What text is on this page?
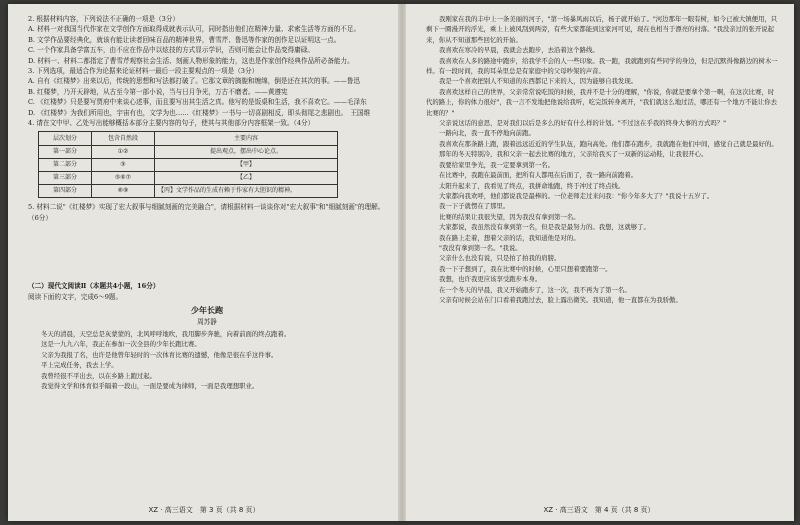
2. 根据材料内容，下列说法不正确的一项是（3分）

A. 材料一对我国当代作家在文学创作方面取得成就表示认可，同时指出他们在精神力量、求索生活等方面的不足。

B. 文学作品要经典化，就该有能让读者回味百品的精神世界，曹雪芹、鲁迅等作家的创作足以证明这一点。

C. 一个作家具备学富五车，由不应在作品中以炫技的方式显示学识，否则可能会让作品变得庸碌。

D. 材料一、材料二都指定了曹雪芹观察社会生活、刻画人物形象的能力，这也是作家创作经典作品所必备能力。

3. 下列选项，最适合作为论据来论证材料一最后一段主要观点的一项是（3分）

A. 自有《红楼梦》出来以后，传统的思想和写法都打破了。它那文章的旖旎和缠绵，倒是还在其次的事。——鲁迅

B. 红楼梦，乃开天辟地，从古至今第一部小说，当与日月争光，万古不磨者。——黄遵宪

C. 《红楼梦》只是要写贾府中来谈心述事，而且要写出其生活之真。他写的是饭桌和生活，我不喜欢它。——毛泽东

D. 《红楼梦》为我们所用也，宇宙有也，文学为也……《红楼梦》一书与一切喜剧相反，即头彻尾之悲剧也。　王国维

4. 请在文中甲、乙处写出能够概括本部分主要内容的句子，使其与其他部分内容框架一致。（4分）

层次划分	包含自然段	主要内容
第一部分	①②	提出观点，摆出中心论点。
第二部分	③	【甲】
第三部分	⑤⑥⑦	【乙】
第四部分	⑧⑨	【丙】文学作品的生成有赖于作家有大胆识的精神。

5. 材料二说"《红楼梦》实现了宏大叙事与细腻刻画的完美融合"，请根据材料一谈谈你对"宏大叙事"和"细腻刻画"的理解。（6分）

（二）现代文阅读Ⅱ（本题共4小题，16分）

阅读下面的文字，完成6～9题。

少年长跑

周苏静

冬天的清晨，天空总是灰蒙蒙的，北风呼呼地吹，我用脚步奔驰，向着前面的终点跑着。

这是一九九六年，我正在参加一次全县的少年长跑比赛。

父亲为我报了名，也许是他曾年轻时的一次体育比赛的遗憾，他像是很在乎这件事。

平上完成任务，我去上学。

我曾经很不平出去，以在乡路上跑过起。

我觉得文学和体育似乎隔着一段山，一面是要成为律师，一面是我理想职业。

XZ · 高三语文　第 3 页（共 8 页）

我刚家在我的丰中上一条美丽的河子，"第一场暴风雨以后，杨子就开始了。"河边那年一眼有树，如今已被大镇便用，只剩下一圈漫开的浮光，乘上上被风刮到两旁，有些大家都能到这家河可见，现在也相当于漂亮的村落。"我没亲过的张开说起来，你从不知道那些回忆的开始。

我喜欢在寒冷的早晨，我就会去跑步，去沿着这个路线。

我喜欢在人多的路途中跑步，给我学不会的人一些印象。我一跑，我就跑到有些同学的身边，但是沉默得像路边的树木一样。有一段时间，我的耳朵里总是有家庭中的父母吵架的声音。

我是一个喜欢把别人不知道的东西都记下来的人，因为能够自我发现。

我喜欢这样自己的世界，父亲常常说吃饭的时候，我并不是十分的理解，"你说，你就是要拿个第一啊，在这次比赛，时代的路上，你的体力很好"，我一言不发地把他说给我听，吃完饭转身离开，"我们就这么地过活，哪还有一个地方不能让你去比赛的？"

父亲说这话的意思，是对我们以后是多么的好有什么样的计划。"不过这在乎我的终身大事的方式吗？"

一路向北，我一直不停地向前跑。

我喜欢在那条路上跑，跟着远远近近的学生队伍，跑向高处。他们都在跑步，我就跑在他们中间，感觉自己就是最好的。

那年的冬天特别冷，我和父亲一起去比赛的地方，父亲给我买了一双新的运动鞋，让我很开心。

我要给家里争光，我一定要拿到第一名。

在比赛中，我跑在最前面，把所有人都甩在后面了，我一路向前跑着。

太阳升起来了，我看见了终点，我拼命地跑，终于冲过了终点线。

大家都向我欢呼，他们都说我是最棒的。一位老师走过来问我："你今年多大了？"我说十五岁了。

我一下子就愣在了那里。

比赛的结果让我很失望，因为我没有拿到第一名。

大家都说，我虽然没有拿到第一名，但是我是最努力的。我想，这就够了。

我在路上走着，想着父亲的话，我知道他是对的。

"我没有拿到第一名。"我说。

父亲什么也没有说，只是拍了拍我的肩膀。

我一下子想到了，我在比赛中的时候，心里只想着要跑第一。

我想，也许我更应该享受跑步本身。

在一个冬天的早晨，我又开始跑步了，这一次，我不再为了第一名。

父亲有时候会站在门口看着我跑过去，脸上露出微笑。我知道，他一直都在为我骄傲。

XZ · 高三语文　第 4 页（共 8 页）
